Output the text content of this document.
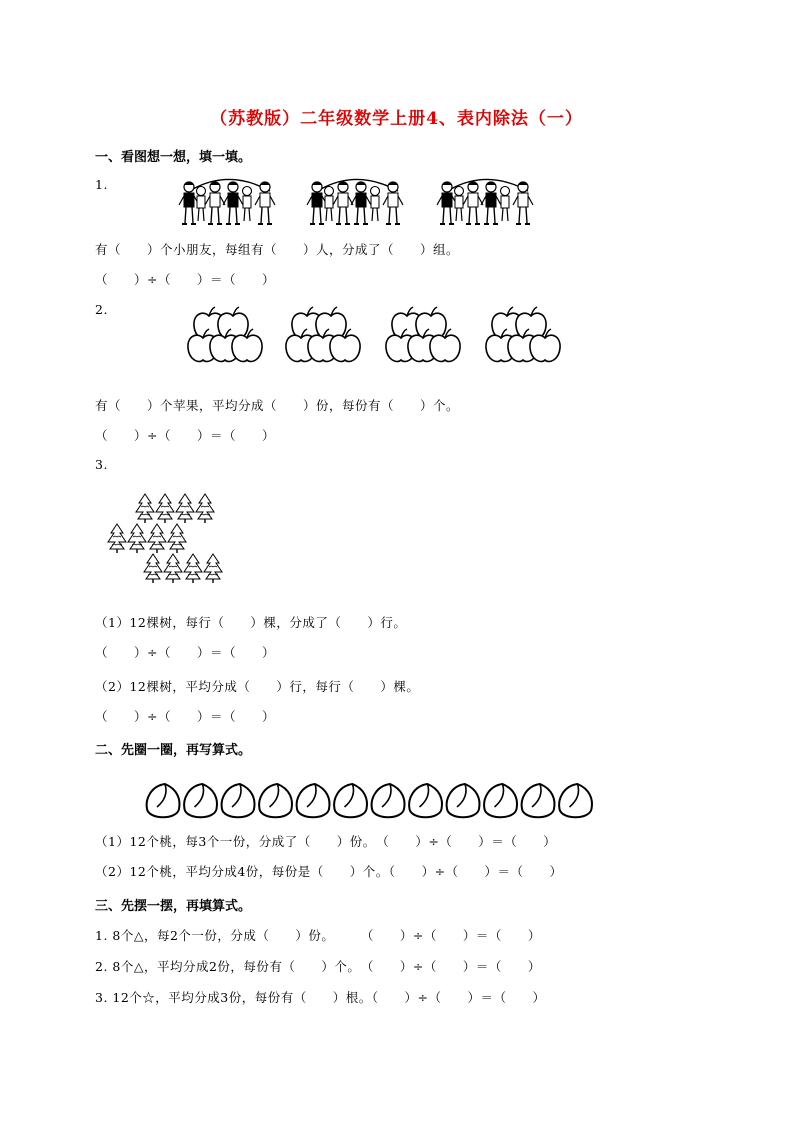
（苏教版）二年级数学上册4、表内除法（一）
一、看图想一想，填一填。
1.
有（　　）个小朋友，每组有（　　）人，分成了（　　）组。
（　　）÷（　　）＝（　　）
2.
有（　　）个苹果，平均分成（　　）份，每份有（　　）个。
（　　）÷（　　）＝（　　）
3.
（1）12棵树，每行（　　）棵，分成了（　　）行。
（　　）÷（　　）＝（　　）
（2）12棵树，平均分成（　　）行，每行（　　）棵。
（　　）÷（　　）＝（　　）
二、先圈一圈，再写算式。
（1）12个桃，每3个一份，分成了（　　）份。　（　　）÷（　　）＝（　　）
（2）12个桃，平均分成4份，每份是（　　）个。（　　）÷（　　）＝（　　）
三、先摆一摆，再填算式。
1. 8个△，每2个一份，分成（　　）份。　　　（　　）÷（　　）＝（　　）
2. 8个△，平均分成2份，每份有（　　）个。　（　　）÷（　　）＝（　　）
3. 12个☆，平均分成3份，每份有（　　）根。（　　）÷（　　）＝（　　）
